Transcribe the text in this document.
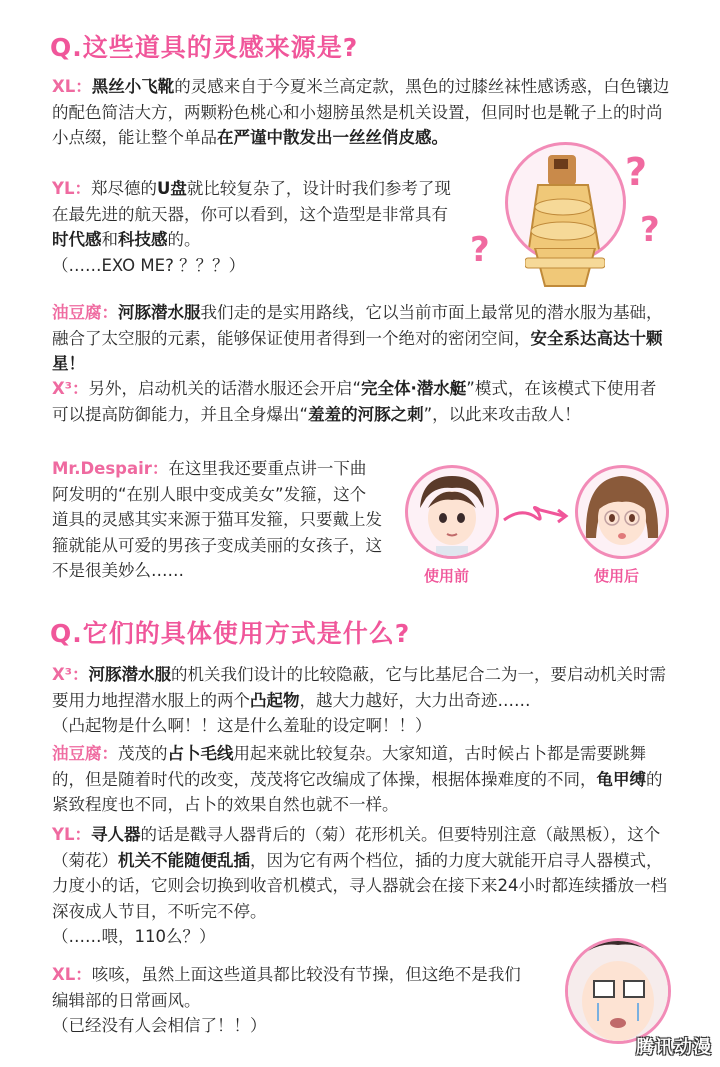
Q.这些道具的灵感来源是?

XL：黑丝小飞靴的灵感来自于今夏米兰高定款，黑色的过膝丝袜性感诱惑，白色镶边的配色简洁大方，两颗粉色桃心和小翅膀虽然是机关设置，但同时也是靴子上的时尚小点缀，能让整个单品在严谨中散发出一丝丝俏皮感。

YL：郑尽德的U盘就比较复杂了，设计时我们参考了现在最先进的航天器，你可以看到，这个造型是非常具有时代感和科技感的。
（……EXO ME? ？？？）

油豆腐：河豚潜水服我们走的是实用路线，它以当前市面上最常见的潜水服为基础，融合了太空服的元素，能够保证使用者得到一个绝对的密闭空间，安全系达高达十颗星！

X³：另外，启动机关的话潜水服还会开启“完全体·潜水艇”模式，在该模式下使用者可以提高防御能力，并且全身爆出“羞羞的河豚之刺”，以此来攻击敌人！

Mr.Despair：在这里我还要重点讲一下曲阿发明的“在别人眼中变成美女”发箍，这个道具的灵感其实来源于猫耳发箍，只要戴上发箍就能从可爱的男孩子变成美丽的女孩子，这不是很美妙么……

?
?
?
使用前	使用后
Q.它们的具体使用方式是什么?

X³：河豚潜水服的机关我们设计的比较隐蔽，它与比基尼合二为一，要启动机关时需要用力地捏潜水服上的两个凸起物，越大力越好，大力出奇迹……
（凸起物是什么啊！！这是什么羞耻的设定啊！！）

油豆腐：茂茂的占卜毛线用起来就比较复杂。大家知道，古时候占卜都是需要跳舞的，但是随着时代的改变，茂茂将它改编成了体操，根据体操难度的不同，龟甲缚的紧致程度也不同，占卜的效果自然也就不一样。

YL：寻人器的话是戳寻人器背后的（菊）花形机关。但要特别注意（敲黑板），这个（菊花）机关不能随便乱插，因为它有两个档位，插的力度大就能开启寻人器模式，力度小的话，它则会切换到收音机模式，寻人器就会在接下来24小时都连续播放一档深夜成人节目，不听完不停。
（……喂，110么？）

XL：咳咳，虽然上面这些道具都比较没有节操，但这绝不是我们编辑部的日常画风。
（已经没有人会相信了！！）

腾讯动漫
